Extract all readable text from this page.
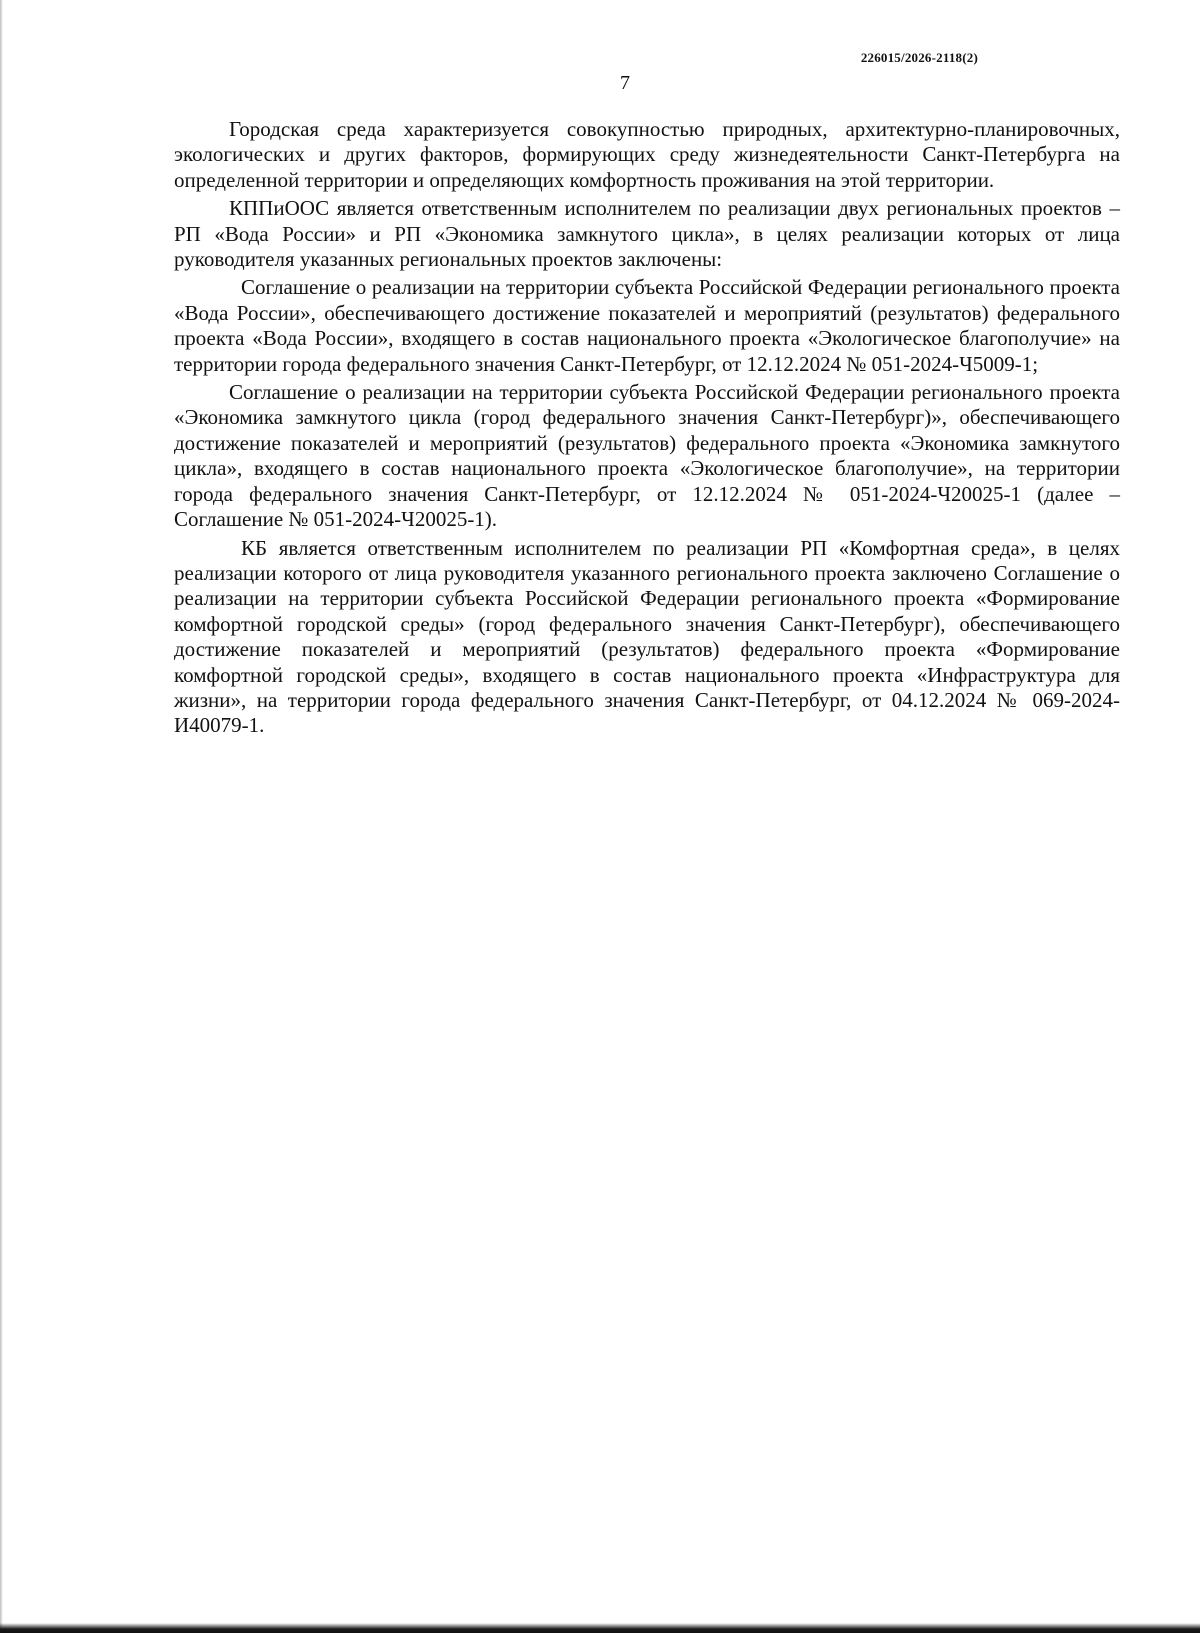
226015/2026-2118(2)
7

Городская среда характеризуется совокупностью природных, архитектурно-планировочных, экологических и других факторов, формирующих среду жизнедеятельности Санкт-Петербурга на определенной территории и определяющих комфортность проживания на этой территории.

КППиООС является ответственным исполнителем по реализации двух региональных проектов – РП «Вода России» и РП «Экономика замкнутого цикла», в целях реализации которых от лица руководителя указанных региональных проектов заключены:

Соглашение о реализации на территории субъекта Российской Федерации регионального проекта «Вода России», обеспечивающего достижение показателей и мероприятий (результатов) федерального проекта «Вода России», входящего в состав национального проекта «Экологическое благополучие» на территории города федерального значения Санкт-Петербург, от 12.12.2024 № 051-2024-Ч5009-1;

Соглашение о реализации на территории субъекта Российской Федерации регионального проекта «Экономика замкнутого цикла (город федерального значения Санкт-Петербург)», обеспечивающего достижение показателей и мероприятий (результатов) федерального проекта «Экономика замкнутого цикла», входящего в состав национального проекта «Экологическое благополучие», на территории города федерального значения Санкт-Петербург, от 12.12.2024 № 051-2024-Ч20025-1 (далее – Соглашение № 051-2024-Ч20025-1).

КБ является ответственным исполнителем по реализации РП «Комфортная среда», в целях реализации которого от лица руководителя указанного регионального проекта заключено Соглашение о реализации на территории субъекта Российской Федерации регионального проекта «Формирование комфортной городской среды» (город федерального значения Санкт-Петербург), обеспечивающего достижение показателей и мероприятий (результатов) федерального проекта «Формирование комфортной городской среды», входящего в состав национального проекта «Инфраструктура для жизни», на территории города федерального значения Санкт-Петербург, от 04.12.2024 № 069-2024-И40079-1.
